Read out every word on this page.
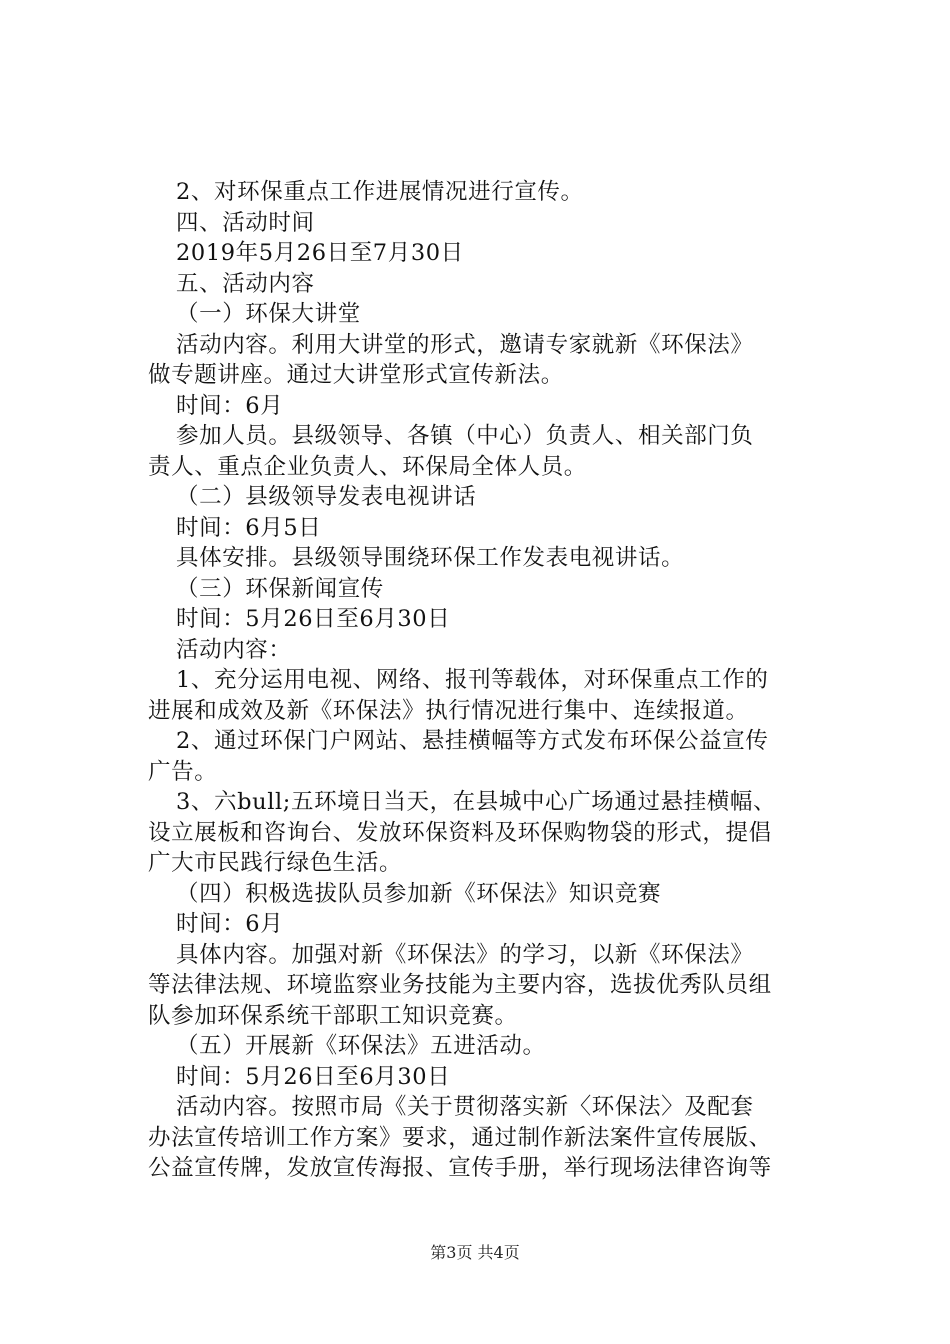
2、对环保重点工作进展情况进行宣传。
四、活动时间
2019年5月26日至7月30日
五、活动内容
（一）环保大讲堂
活动内容。利用大讲堂的形式，邀请专家就新《环保法》
做专题讲座。通过大讲堂形式宣传新法。
时间：6月
参加人员。县级领导、各镇（中心）负责人、相关部门负
责人、重点企业负责人、环保局全体人员。
（二）县级领导发表电视讲话
时间：6月5日
具体安排。县级领导围绕环保工作发表电视讲话。
（三）环保新闻宣传
时间：5月26日至6月30日
活动内容：
1、充分运用电视、网络、报刊等载体，对环保重点工作的
进展和成效及新《环保法》执行情况进行集中、连续报道。
2、通过环保门户网站、悬挂横幅等方式发布环保公益宣传
广告。
3、六bull;五环境日当天，在县城中心广场通过悬挂横幅、
设立展板和咨询台、发放环保资料及环保购物袋的形式，提倡
广大市民践行绿色生活。
（四）积极选拔队员参加新《环保法》知识竞赛
时间：6月
具体内容。加强对新《环保法》的学习，以新《环保法》
等法律法规、环境监察业务技能为主要内容，选拔优秀队员组
队参加环保系统干部职工知识竞赛。
（五）开展新《环保法》五进活动。
时间：5月26日至6月30日
活动内容。按照市局《关于贯彻落实新〈环保法〉及配套
办法宣传培训工作方案》要求，通过制作新法案件宣传展版、
公益宣传牌，发放宣传海报、宣传手册，举行现场法律咨询等
第3页 共4页
